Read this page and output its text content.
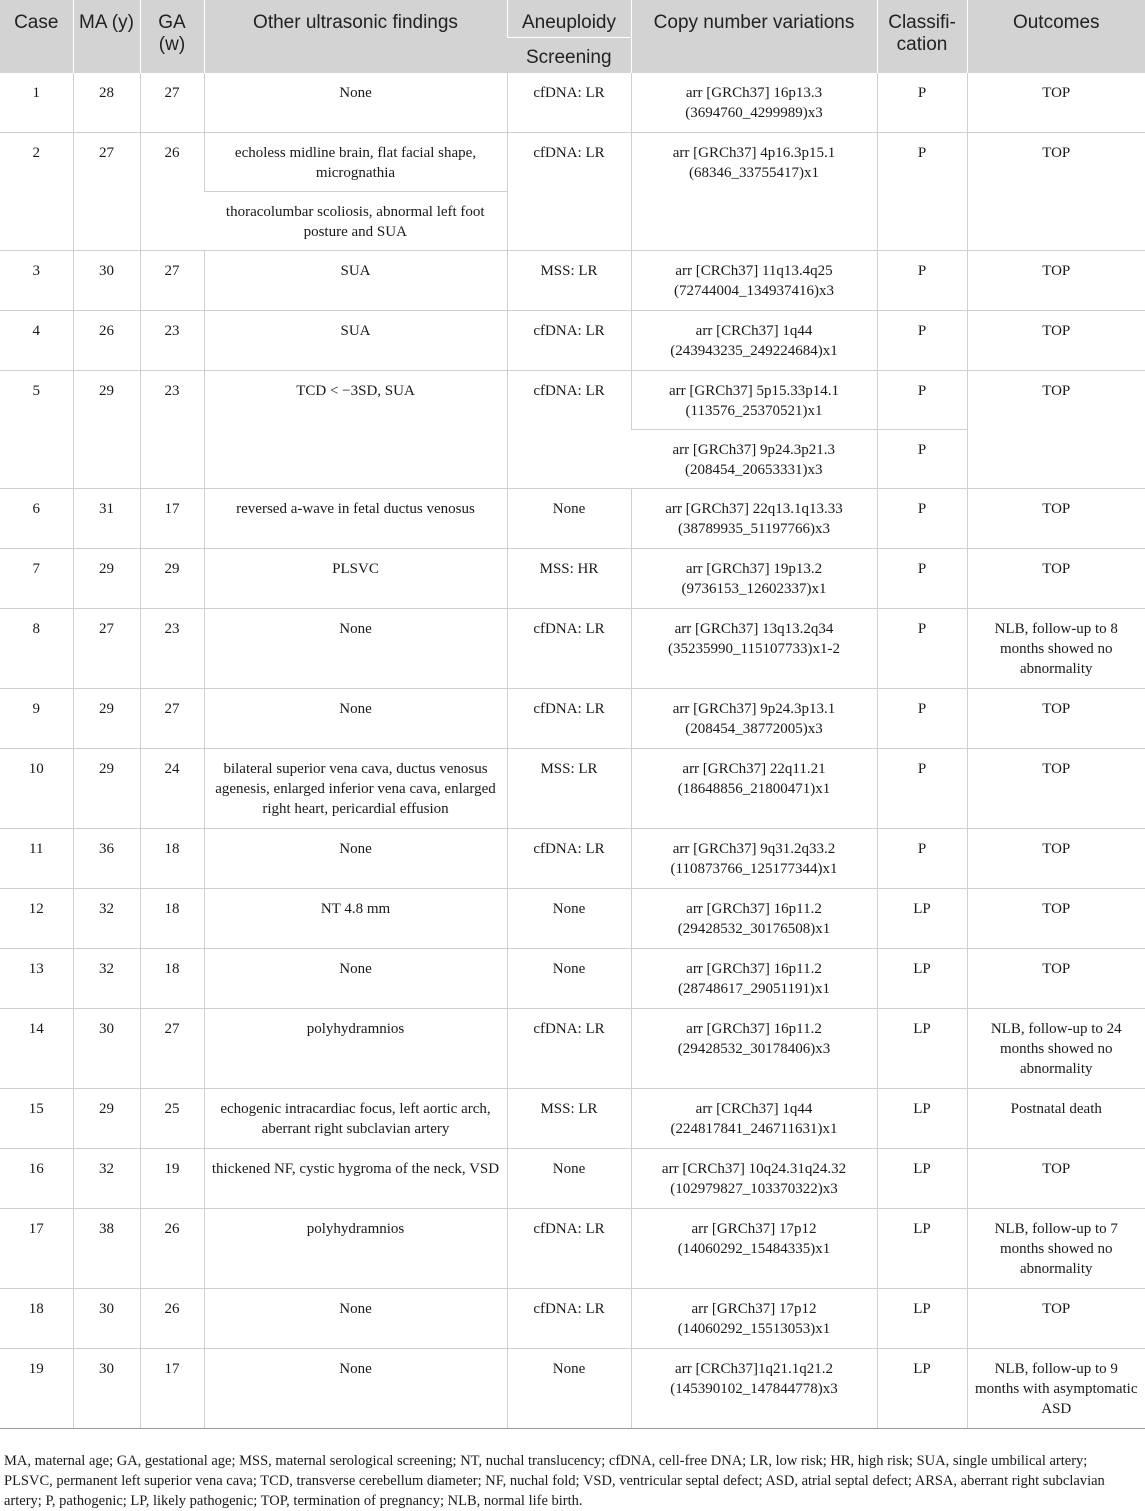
Case	MA (y)	GA (w)	Other ultrasonic findings	Aneuploidy	Copy number variations	Classifi- cation	Outcomes
				Screening			
1	28	27	None	cfDNA: LR	arr [GRCh37] 16p13.3 (3694760_4299989)x3	P	TOP
2	27	26	echoless midline brain, flat facial shape, micrognathia	cfDNA: LR	arr [GRCh37] 4p16.3p15.1 (68346_33755417)x1	P	TOP
			thoracolumbar scoliosis, abnormal left foot posture and SUA				
3	30	27	SUA	MSS: LR	arr [CRCh37] 11q13.4q25 (72744004_134937416)x3	P	TOP
4	26	23	SUA	cfDNA: LR	arr [CRCh37] 1q44 (243943235_249224684)x1	P	TOP
5	29	23	TCD < −3SD, SUA	cfDNA: LR	arr [GRCh37] 5p15.33p14.1 (113576_25370521)x1	P	TOP
					arr [GRCh37] 9p24.3p21.3 (208454_20653331)x3	P	
6	31	17	reversed a-wave in fetal ductus venosus	None	arr [GRCh37] 22q13.1q13.33 (38789935_51197766)x3	P	TOP
7	29	29	PLSVC	MSS: HR	arr [GRCh37] 19p13.2 (9736153_12602337)x1	P	TOP
8	27	23	None	cfDNA: LR	arr [GRCh37] 13q13.2q34 (35235990_115107733)x1-2	P	NLB, follow-up to 8 months showed no abnormality
9	29	27	None	cfDNA: LR	arr [GRCh37] 9p24.3p13.1 (208454_38772005)x3	P	TOP
10	29	24	bilateral superior vena cava, ductus venosus agenesis, enlarged inferior vena cava, enlarged right heart, pericardial effusion	MSS: LR	arr [GRCh37] 22q11.21 (18648856_21800471)x1	P	TOP
11	36	18	None	cfDNA: LR	arr [GRCh37] 9q31.2q33.2 (110873766_125177344)x1	P	TOP
12	32	18	NT 4.8 mm	None	arr [GRCh37] 16p11.2 (29428532_30176508)x1	LP	TOP
13	32	18	None	None	arr [GRCh37] 16p11.2 (28748617_29051191)x1	LP	TOP
14	30	27	polyhydramnios	cfDNA: LR	arr [GRCh37] 16p11.2 (29428532_30178406)x3	LP	NLB, follow-up to 24 months showed no abnormality
15	29	25	echogenic intracardiac focus, left aortic arch, aberrant right subclavian artery	MSS: LR	arr [CRCh37] 1q44 (224817841_246711631)x1	LP	Postnatal death
16	32	19	thickened NF, cystic hygroma of the neck, VSD	None	arr [CRCh37] 10q24.31q24.32 (102979827_103370322)x3	LP	TOP
17	38	26	polyhydramnios	cfDNA: LR	arr [GRCh37] 17p12 (14060292_15484335)x1	LP	NLB, follow-up to 7 months showed no abnormality
18	30	26	None	cfDNA: LR	arr [GRCh37] 17p12 (14060292_15513053)x1	LP	TOP
19	30	17	None	None	arr [CRCh37]1q21.1q21.2 (145390102_147844778)x3	LP	NLB, follow-up to 9 months with asymptomatic ASD
MA, maternal age; GA, gestational age; MSS, maternal serological screening; NT, nuchal translucency; cfDNA, cell-free DNA; LR, low risk; HR, high risk; SUA, single umbilical artery; PLSVC, permanent left superior vena cava; TCD, transverse cerebellum diameter; NF, nuchal fold; VSD, ventricular septal defect; ASD, atrial septal defect; ARSA, aberrant right subclavian artery; P, pathogenic; LP, likely pathogenic; TOP, termination of pregnancy; NLB, normal life birth.
